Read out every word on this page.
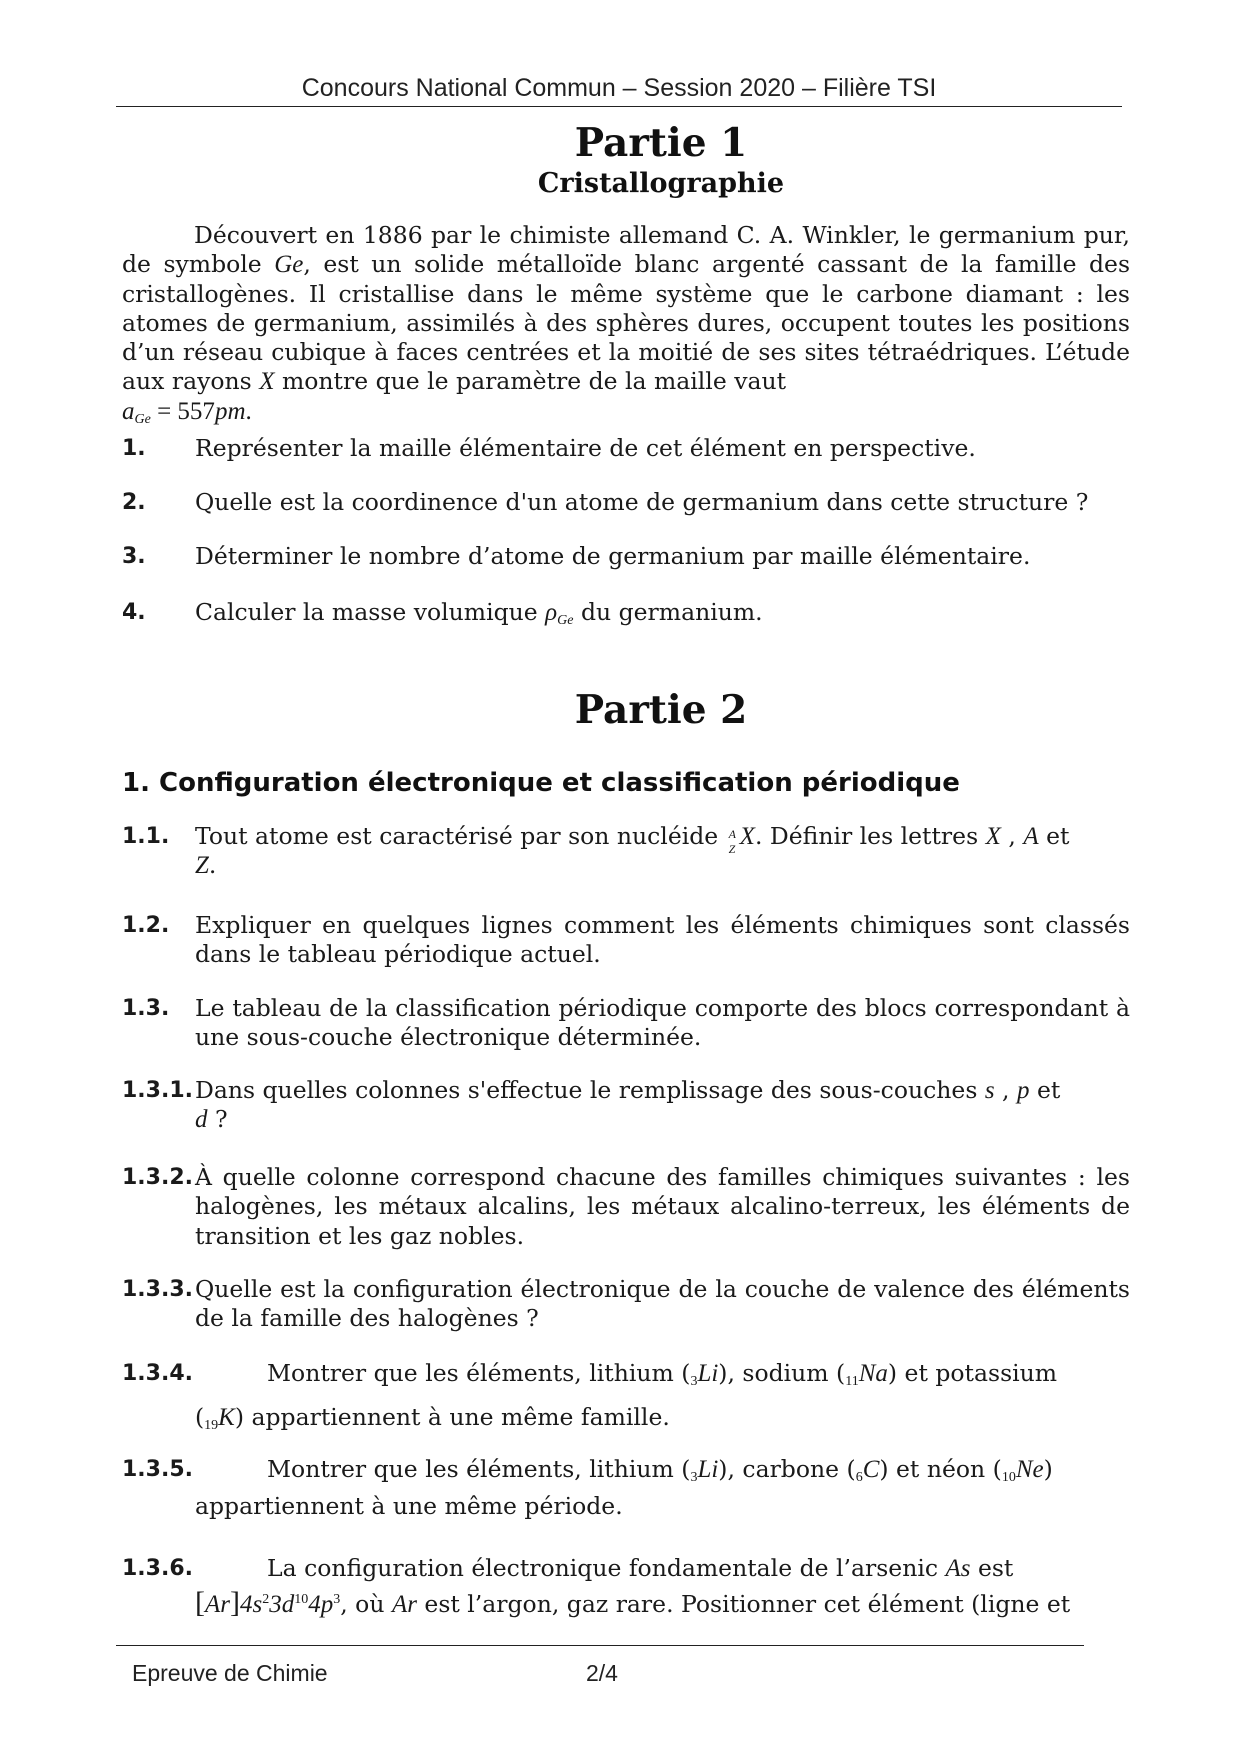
Concours National Commun – Session 2020 – Filière TSI
Partie 1
Cristallographie
Découvert en 1886 par le chimiste allemand C. A. Winkler, le germanium pur, de symbole Ge, est un solide métalloïde blanc argenté cassant de la famille des cristallogènes. Il cristallise dans le même système que le carbone diamant : les atomes de germanium, assimilés à des sphères dures, occupent toutes les positions d’un réseau cubique à faces centrées et la moitié de ses sites tétraédriques. L’étude aux rayons X montre que le paramètre de la maille vaut
$a_{Ge} = 557pm$.
1. Représenter la maille élémentaire de cet élément en perspective.
2. Quelle est la coordinence d'un atome de germanium dans cette structure ?
3. Déterminer le nombre d’atome de germanium par maille élémentaire.
4. Calculer la masse volumique $\rho_{Ge}$ du germanium.
Partie 2
1. Configuration électronique et classification périodique
1.1. Tout atome est caractérisé par son nucléide A
Z X. Définir les lettres X , A et
Z.
1.2. Expliquer en quelques lignes comment les éléments chimiques sont classés dans le tableau périodique actuel.
1.3. Le tableau de la classification périodique comporte des blocs correspondant à une sous-couche électronique déterminée.
1.3.1. Dans quelles colonnes s'effectue le remplissage des sous-couches s , p et
d ?
1.3.2. À quelle colonne correspond chacune des familles chimiques suivantes : les halogènes, les métaux alcalins, les métaux alcalino-terreux, les éléments de transition et les gaz nobles.
1.3.3. Quelle est la configuration électronique de la couche de valence des éléments de la famille des halogènes ?
1.3.4.	Montrer que les éléments, lithium $(_3Li)$, sodium $(_{11}Na)$ et potassium
$(_{19}K)$ appartiennent à une même famille.
1.3.5.	Montrer que les éléments, lithium $(_3Li)$, carbone $(_6C)$ et néon $(_{10}Ne)$
appartiennent à une même période.
1.3.6.	La configuration électronique fondamentale de l’arsenic As est
$[Ar]4s^23d^{10}4p^3$, où Ar est l’argon, gaz rare. Positionner cet élément (ligne et
Epreuve de Chimie	2/4
